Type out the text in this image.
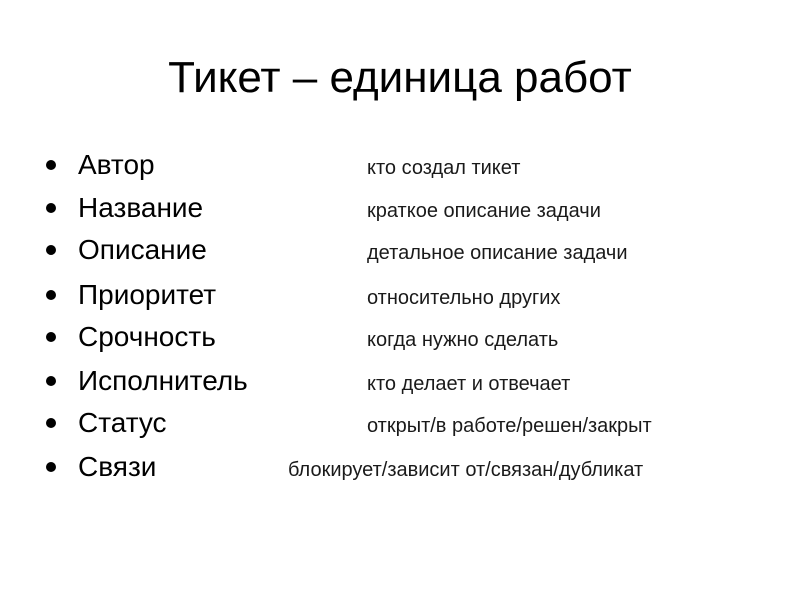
Тикет – единица работ
Автор	кто создал тикет
Название	краткое описание задачи
Описание	детальное описание задачи
Приоритет	относительно других
Срочность	когда нужно сделать
Исполнитель	кто делает и отвечает
Статус	открыт/в работе/решен/закрыт
Связи	блокирует/зависит от/связан/дубликат
